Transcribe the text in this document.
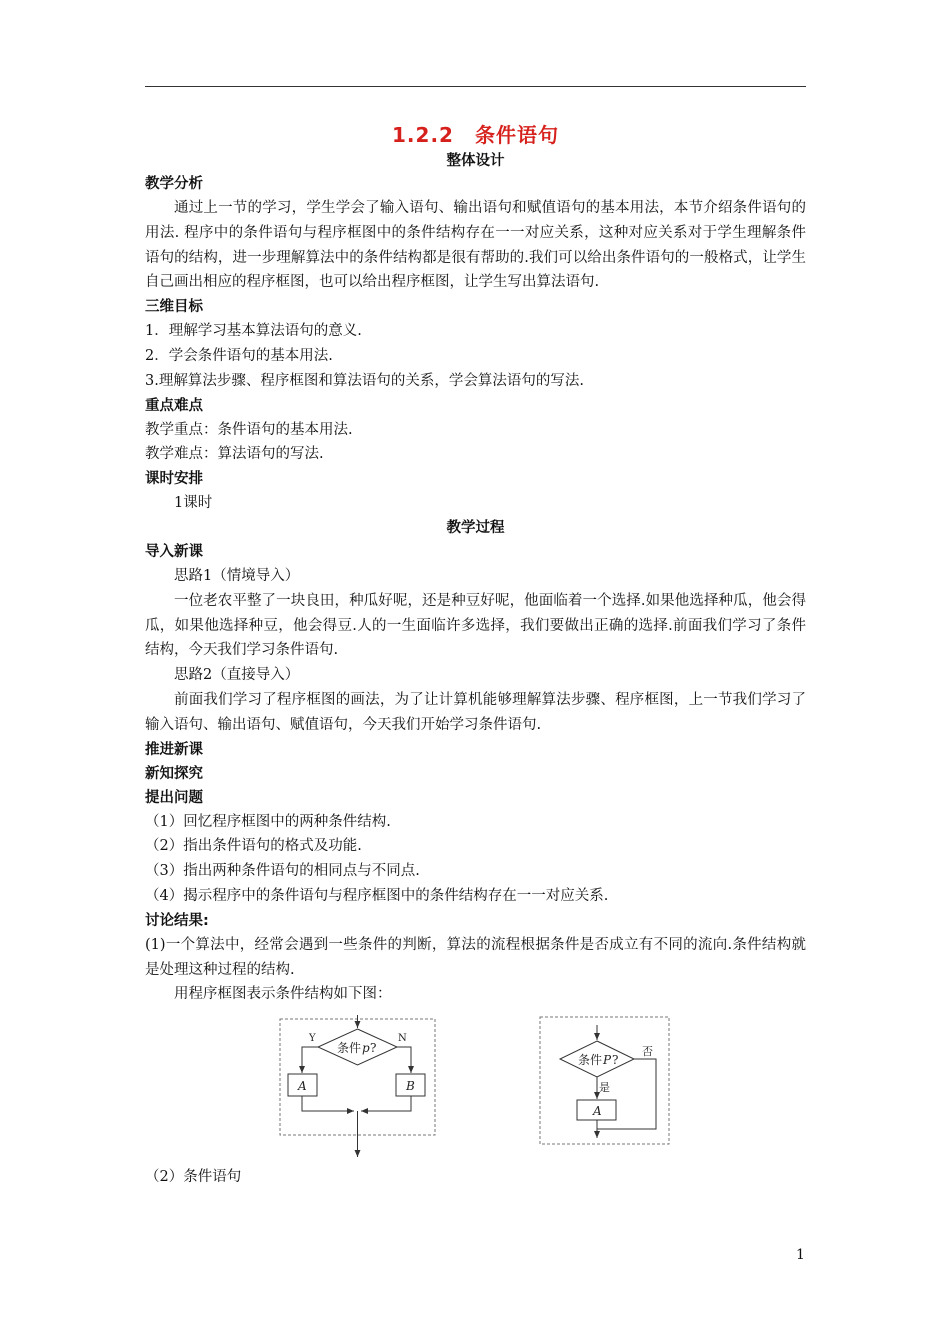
1.2.2　条件语句
整体设计
教学分析
通过上一节的学习，学生学会了输入语句、输出语句和赋值语句的基本用法，本节介绍条件语句的用法. 程序中的条件语句与程序框图中的条件结构存在一一对应关系，这种对应关系对于学生理解条件语句的结构，进一步理解算法中的条件结构都是很有帮助的.我们可以给出条件语句的一般格式，让学生自己画出相应的程序框图，也可以给出程序框图，让学生写出算法语句.
三维目标
1．理解学习基本算法语句的意义.
2．学会条件语句的基本用法.
3.理解算法步骤、程序框图和算法语句的关系，学会算法语句的写法.
重点难点
教学重点：条件语句的基本用法.
教学难点：算法语句的写法.
课时安排
1课时
教学过程
导入新课
思路1（情境导入）
一位老农平整了一块良田，种瓜好呢，还是种豆好呢，他面临着一个选择.如果他选择种瓜，他会得瓜，如果他选择种豆，他会得豆.人的一生面临许多选择，我们要做出正确的选择.前面我们学习了条件结构，今天我们学习条件语句.
思路2（直接导入）
前面我们学习了程序框图的画法，为了让计算机能够理解算法步骤、程序框图，上一节我们学习了输入语句、输出语句、赋值语句，今天我们开始学习条件语句.
推进新课
新知探究
提出问题
（1）回忆程序框图中的两种条件结构.
（2）指出条件语句的格式及功能.
（3）指出两种条件语句的相同点与不同点.
（4）揭示程序中的条件语句与程序框图中的条件结构存在一一对应关系.
讨论结果:
(1)一个算法中，经常会遇到一些条件的判断，算法的流程根据条件是否成立有不同的流向.条件结构就是处理这种过程的结构.
用程序框图表示条件结构如下图：
条件 p ?
Y	N
A	B
条件 P ?
否
是
A
（2）条件语句
1
